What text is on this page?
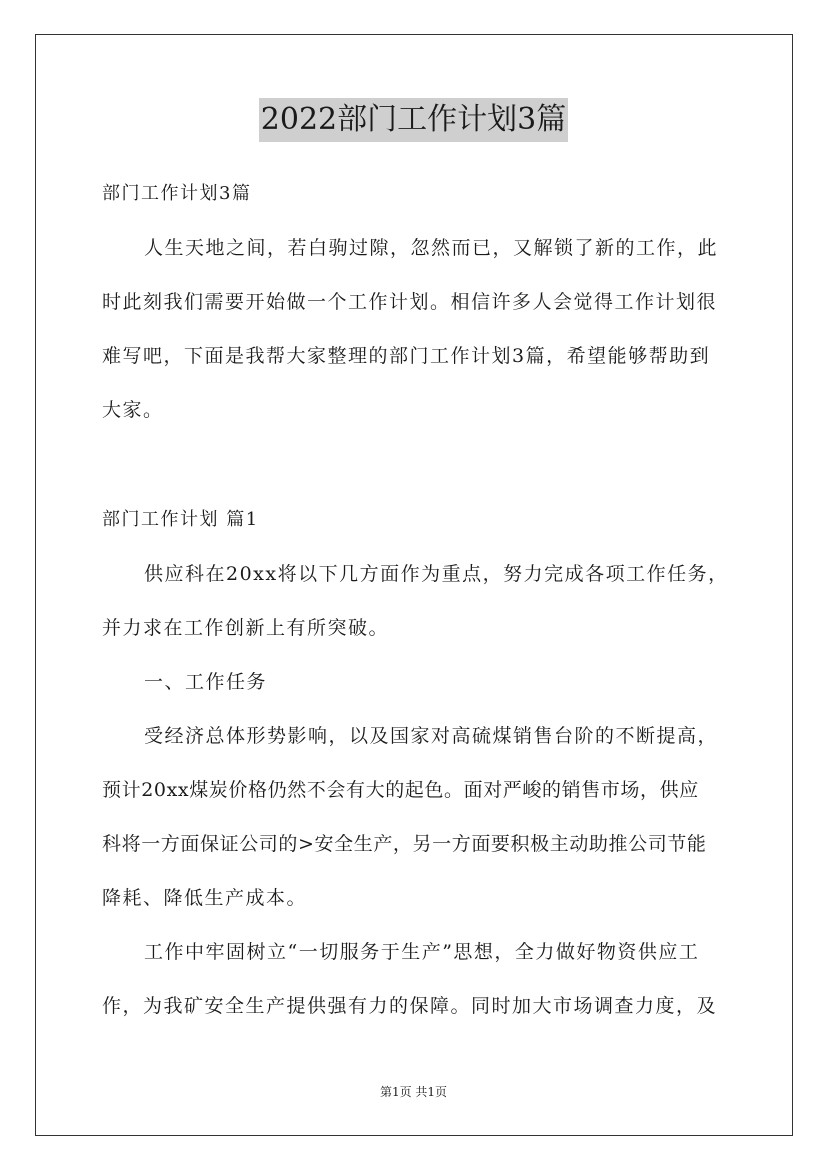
2022部门工作计划3篇
部门工作计划3篇
人生天地之间，若白驹过隙，忽然而已，又解锁了新的工作，此
时此刻我们需要开始做一个工作计划。相信许多人会觉得工作计划很
难写吧，下面是我帮大家整理的部门工作计划3篇，希望能够帮助到
大家。
部门工作计划 篇1
供应科在20xx将以下几方面作为重点，努力完成各项工作任务，
并力求在工作创新上有所突破。
一、工作任务
受经济总体形势影响，以及国家对高硫煤销售台阶的不断提高，
预计20xx煤炭价格仍然不会有大的起色。面对严峻的销售市场，供应
科将一方面保证公司的>安全生产，另一方面要积极主动助推公司节能
降耗、降低生产成本。
工作中牢固树立“一切服务于生产”思想，全力做好物资供应工
作，为我矿安全生产提供强有力的保障。同时加大市场调查力度，及
第1页 共1页
